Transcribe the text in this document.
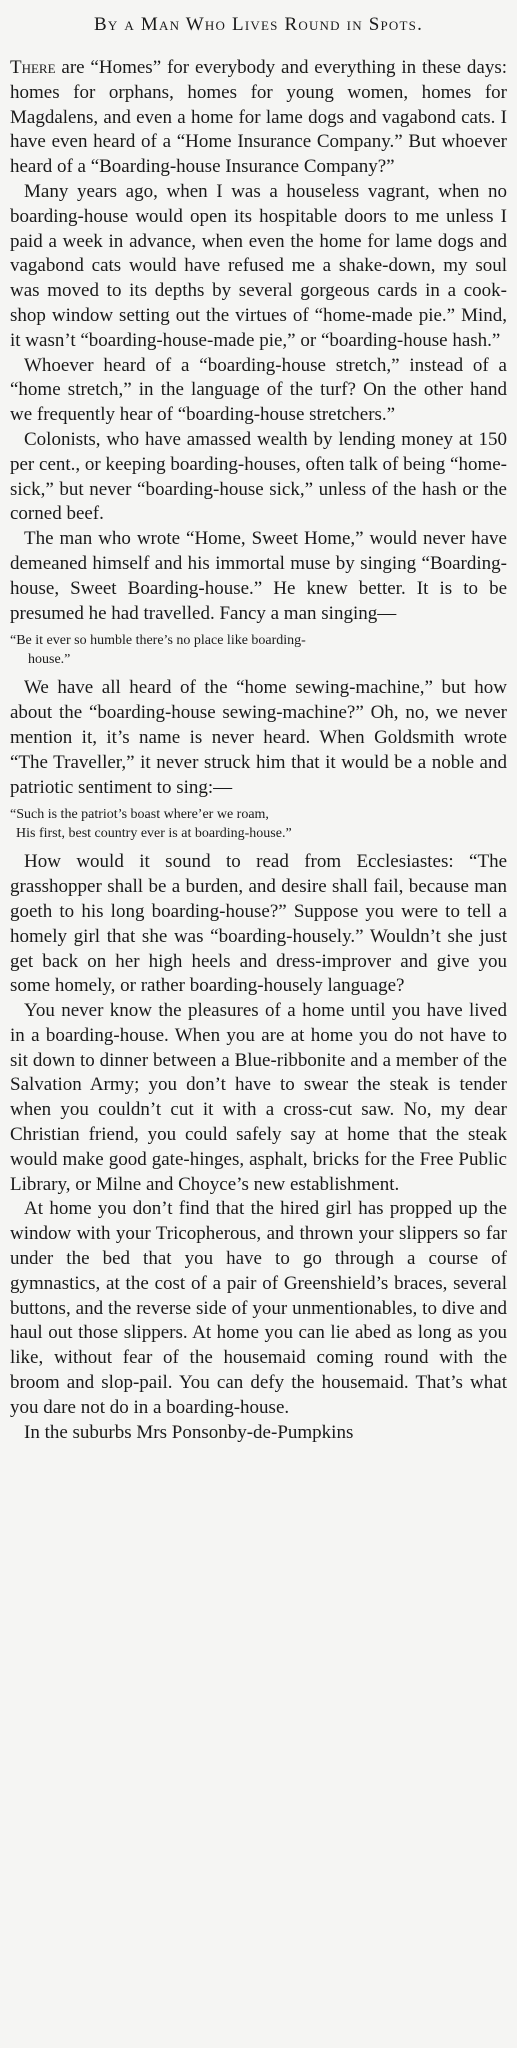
By a Man Who Lives Round in Spots.

There are “Homes” for everybody and everything in these days: homes for orphans, homes for young women, homes for Magdalens, and even a home for lame dogs and vagabond cats. I have even heard of a “Home Insurance Company.” But whoever heard of a “Boarding-house Insurance Company?”

Many years ago, when I was a houseless vagrant, when no boarding-house would open its hospitable doors to me unless I paid a week in advance, when even the home for lame dogs and vagabond cats would have refused me a shake-down, my soul was moved to its depths by several gorgeous cards in a cook-shop window setting out the virtues of “home-made pie.” Mind, it wasn’t “boarding-house-made pie,” or “boarding-house hash.”

Whoever heard of a “boarding-house stretch,” instead of a “home stretch,” in the language of the turf? On the other hand we frequently hear of “boarding-house stretchers.”

Colonists, who have amassed wealth by lending money at 150 per cent., or keeping boarding-houses, often talk of being “home-sick,” but never “boarding-house sick,” unless of the hash or the corned beef.

The man who wrote “Home, Sweet Home,” would never have demeaned himself and his immortal muse by singing “Boarding-house, Sweet Boarding-house.” He knew better. It is to be presumed he had travelled. Fancy a man singing—

“Be it ever so humble there’s no place like boarding-
house.”

We have all heard of the “home sewing-machine,” but how about the “boarding-house sewing-machine?” Oh, no, we never mention it, it’s name is never heard. When Goldsmith wrote “The Traveller,” it never struck him that it would be a noble and patriotic sentiment to sing:—

“Such is the patriot’s boast where’er we roam,
His first, best country ever is at boarding-house.”

How would it sound to read from Ecclesiastes: “The grasshopper shall be a burden, and desire shall fail, because man goeth to his long boarding-house?” Suppose you were to tell a homely girl that she was “boarding-housely.” Wouldn’t she just get back on her high heels and dress-improver and give you some homely, or rather boarding-housely language?

You never know the pleasures of a home until you have lived in a boarding-house. When you are at home you do not have to sit down to dinner between a Blue-ribbonite and a member of the Salvation Army; you don’t have to swear the steak is tender when you couldn’t cut it with a cross-cut saw. No, my dear Christian friend, you could safely say at home that the steak would make good gate-hinges, asphalt, bricks for the Free Public Library, or Milne and Choyce’s new establishment.

At home you don’t find that the hired girl has propped up the window with your Tricopherous, and thrown your slippers so far under the bed that you have to go through a course of gymnastics, at the cost of a pair of Greenshield’s braces, several buttons, and the reverse side of your unmentionables, to dive and haul out those slippers. At home you can lie abed as long as you like, without fear of the housemaid coming round with the broom and slop-pail. You can defy the housemaid. That’s what you dare not do in a boarding-house.

In the suburbs Mrs Ponsonby-de-Pumpkins
